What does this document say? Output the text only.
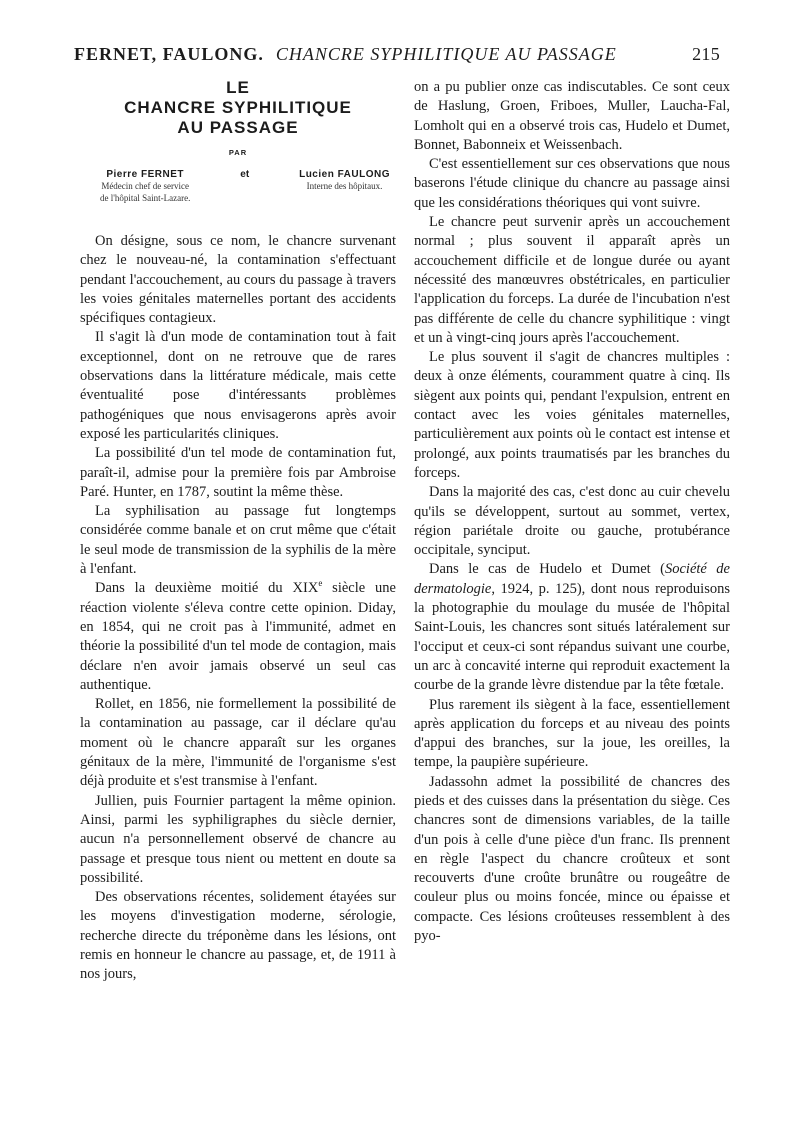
FERNET, FAULONG. CHANCRE SYPHILITIQUE AU PASSAGE	215
LE
CHANCRE SYPHILITIQUE
AU PASSAGE
PAR
Pierre FERNET
Médecin chef de service
de l'hôpital Saint-Lazare.
et	Lucien FAULONG
Interne des hôpitaux.

On désigne, sous ce nom, le chancre survenant chez le nouveau-né, la contamination s'effectuant pendant l'accouchement, au cours du passage à travers les voies génitales maternelles portant des accidents spécifiques contagieux.

Il s'agit là d'un mode de contamination tout à fait exceptionnel, dont on ne retrouve que de rares observations dans la littérature médicale, mais cette éventualité pose d'intéressants problèmes pathogéniques que nous envisagerons après avoir exposé les particularités cliniques.

La possibilité d'un tel mode de contamination fut, paraît-il, admise pour la première fois par Ambroise Paré. Hunter, en 1787, soutint la même thèse.

La syphilisation au passage fut longtemps considérée comme banale et on crut même que c'était le seul mode de transmission de la syphilis de la mère à l'enfant.

Dans la deuxième moitié du XIXe siècle une réaction violente s'éleva contre cette opinion. Diday, en 1854, qui ne croit pas à l'immunité, admet en théorie la possibilité d'un tel mode de contagion, mais déclare n'en avoir jamais observé un seul cas authentique.

Rollet, en 1856, nie formellement la possibilité de la contamination au passage, car il déclare qu'au moment où le chancre apparaît sur les organes génitaux de la mère, l'immunité de l'organisme s'est déjà produite et s'est transmise à l'enfant.

Jullien, puis Fournier partagent la même opinion. Ainsi, parmi les syphiligraphes du siècle dernier, aucun n'a personnellement observé de chancre au passage et presque tous nient ou mettent en doute sa possibilité.

Des observations récentes, solidement étayées sur les moyens d'investigation moderne, sérologie, recherche directe du tréponème dans les lésions, ont remis en honneur le chancre au passage, et, de 1911 à nos jours,

on a pu publier onze cas indiscutables. Ce sont ceux de Haslung, Groen, Friboes, Muller, Laucha-Fal, Lomholt qui en a observé trois cas, Hudelo et Dumet, Bonnet, Babonneix et Weissenbach.

C'est essentiellement sur ces observations que nous baserons l'étude clinique du chancre au passage ainsi que les considérations théoriques qui vont suivre.

Le chancre peut survenir après un accouchement normal ; plus souvent il apparaît après un accouchement difficile et de longue durée ou ayant nécessité des manœuvres obstétricales, en particulier l'application du forceps. La durée de l'incubation n'est pas différente de celle du chancre syphilitique : vingt et un à vingt-cinq jours après l'accouchement.

Le plus souvent il s'agit de chancres multiples : deux à onze éléments, couramment quatre à cinq. Ils siègent aux points qui, pendant l'expulsion, entrent en contact avec les voies génitales maternelles, particulièrement aux points où le contact est intense et prolongé, aux points traumatisés par les branches du forceps.

Dans la majorité des cas, c'est donc au cuir chevelu qu'ils se développent, surtout au sommet, vertex, région pariétale droite ou gauche, protubérance occipitale, synciput.

Dans le cas de Hudelo et Dumet (Société de dermatologie, 1924, p. 125), dont nous reproduisons la photographie du moulage du musée de l'hôpital Saint-Louis, les chancres sont situés latéralement sur l'occiput et ceux-ci sont répandus suivant une courbe, un arc à concavité interne qui reproduit exactement la courbe de la grande lèvre distendue par la tête fœtale.

Plus rarement ils siègent à la face, essentiellement après application du forceps et au niveau des points d'appui des branches, sur la joue, les oreilles, la tempe, la paupière supérieure.

Jadassohn admet la possibilité de chancres des pieds et des cuisses dans la présentation du siège. Ces chancres sont de dimensions variables, de la taille d'un pois à celle d'une pièce d'un franc. Ils prennent en règle l'aspect du chancre croûteux et sont recouverts d'une croûte brunâtre ou rougeâtre de couleur plus ou moins foncée, mince ou épaisse et compacte. Ces lésions croûteuses ressemblent à des pyo-
